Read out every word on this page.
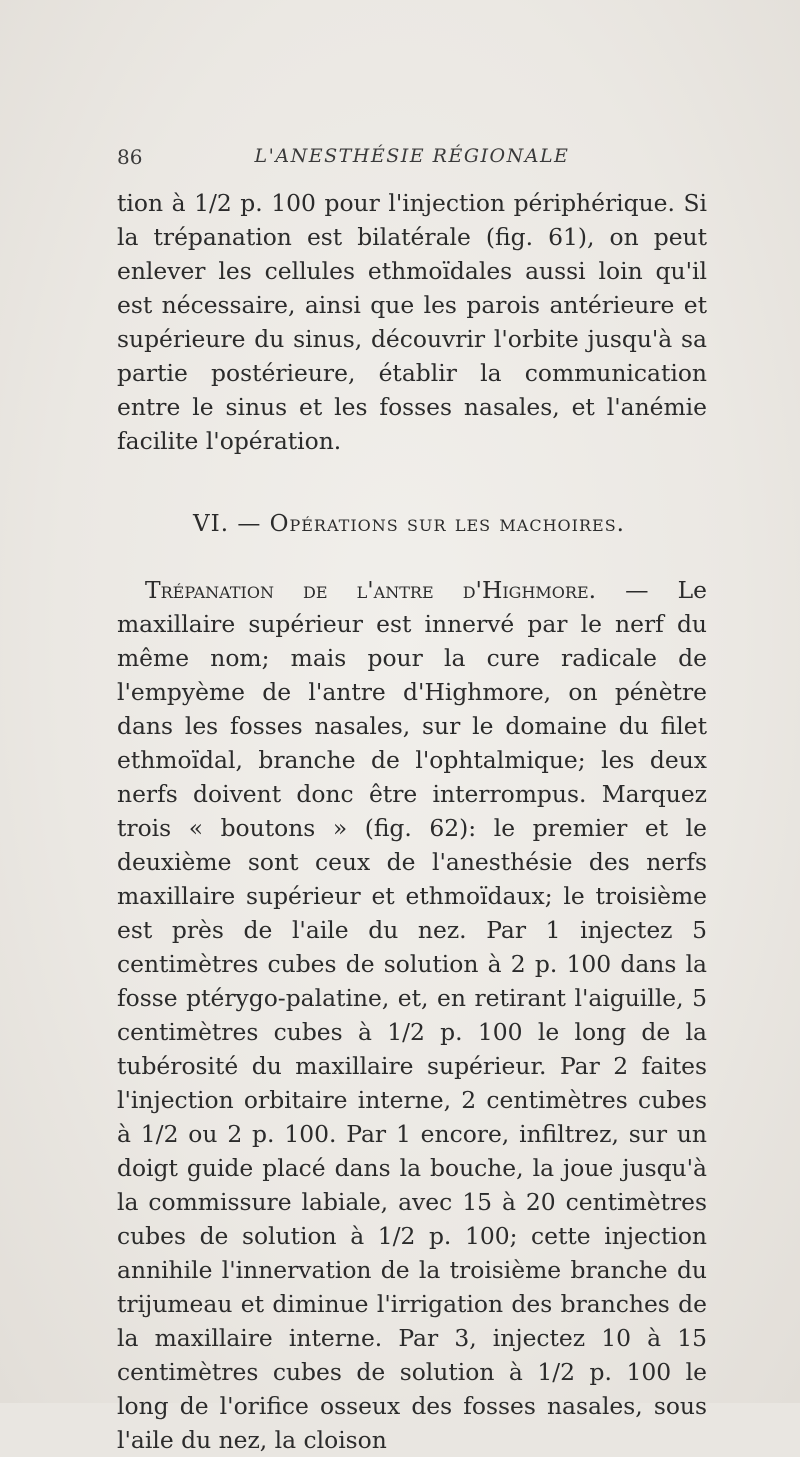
86	L'ANESTHÉSIE RÉGIONALE

tion à 1/2 p. 100 pour l'injection périphérique. Si la trépanation est bilatérale (fig. 61), on peut enlever les cellules ethmoïdales aussi loin qu'il est nécessaire, ainsi que les parois antérieure et supérieure du sinus, découvrir l'orbite jusqu'à sa partie postérieure, établir la communication entre le sinus et les fosses nasales, et l'anémie facilite l'opération.

VI. — Opérations sur les machoires.

Trépanation de l'antre d'Highmore. — Le maxillaire supérieur est innervé par le nerf du même nom; mais pour la cure radicale de l'empyème de l'antre d'Highmore, on pénètre dans les fosses nasales, sur le domaine du filet ethmoïdal, branche de l'ophtalmique; les deux nerfs doivent donc être interrompus. Marquez trois « boutons » (fig. 62): le premier et le deuxième sont ceux de l'anesthésie des nerfs maxillaire supérieur et ethmoïdaux; le troisième est près de l'aile du nez. Par 1 injectez 5 centimètres cubes de solution à 2 p. 100 dans la fosse ptérygo-palatine, et, en retirant l'aiguille, 5 centimètres cubes à 1/2 p. 100 le long de la tubérosité du maxillaire supérieur. Par 2 faites l'injection orbitaire interne, 2 centimètres cubes à 1/2 ou 2 p. 100. Par 1 encore, infiltrez, sur un doigt guide placé dans la bouche, la joue jusqu'à la commissure labiale, avec 15 à 20 centimètres cubes de solution à 1/2 p. 100; cette injection annihile l'innervation de la troisième branche du trijumeau et diminue l'irrigation des branches de la maxillaire interne. Par 3, injectez 10 à 15 centimètres cubes de solution à 1/2 p. 100 le long de l'orifice osseux des fosses nasales, sous l'aile du nez, la cloison
